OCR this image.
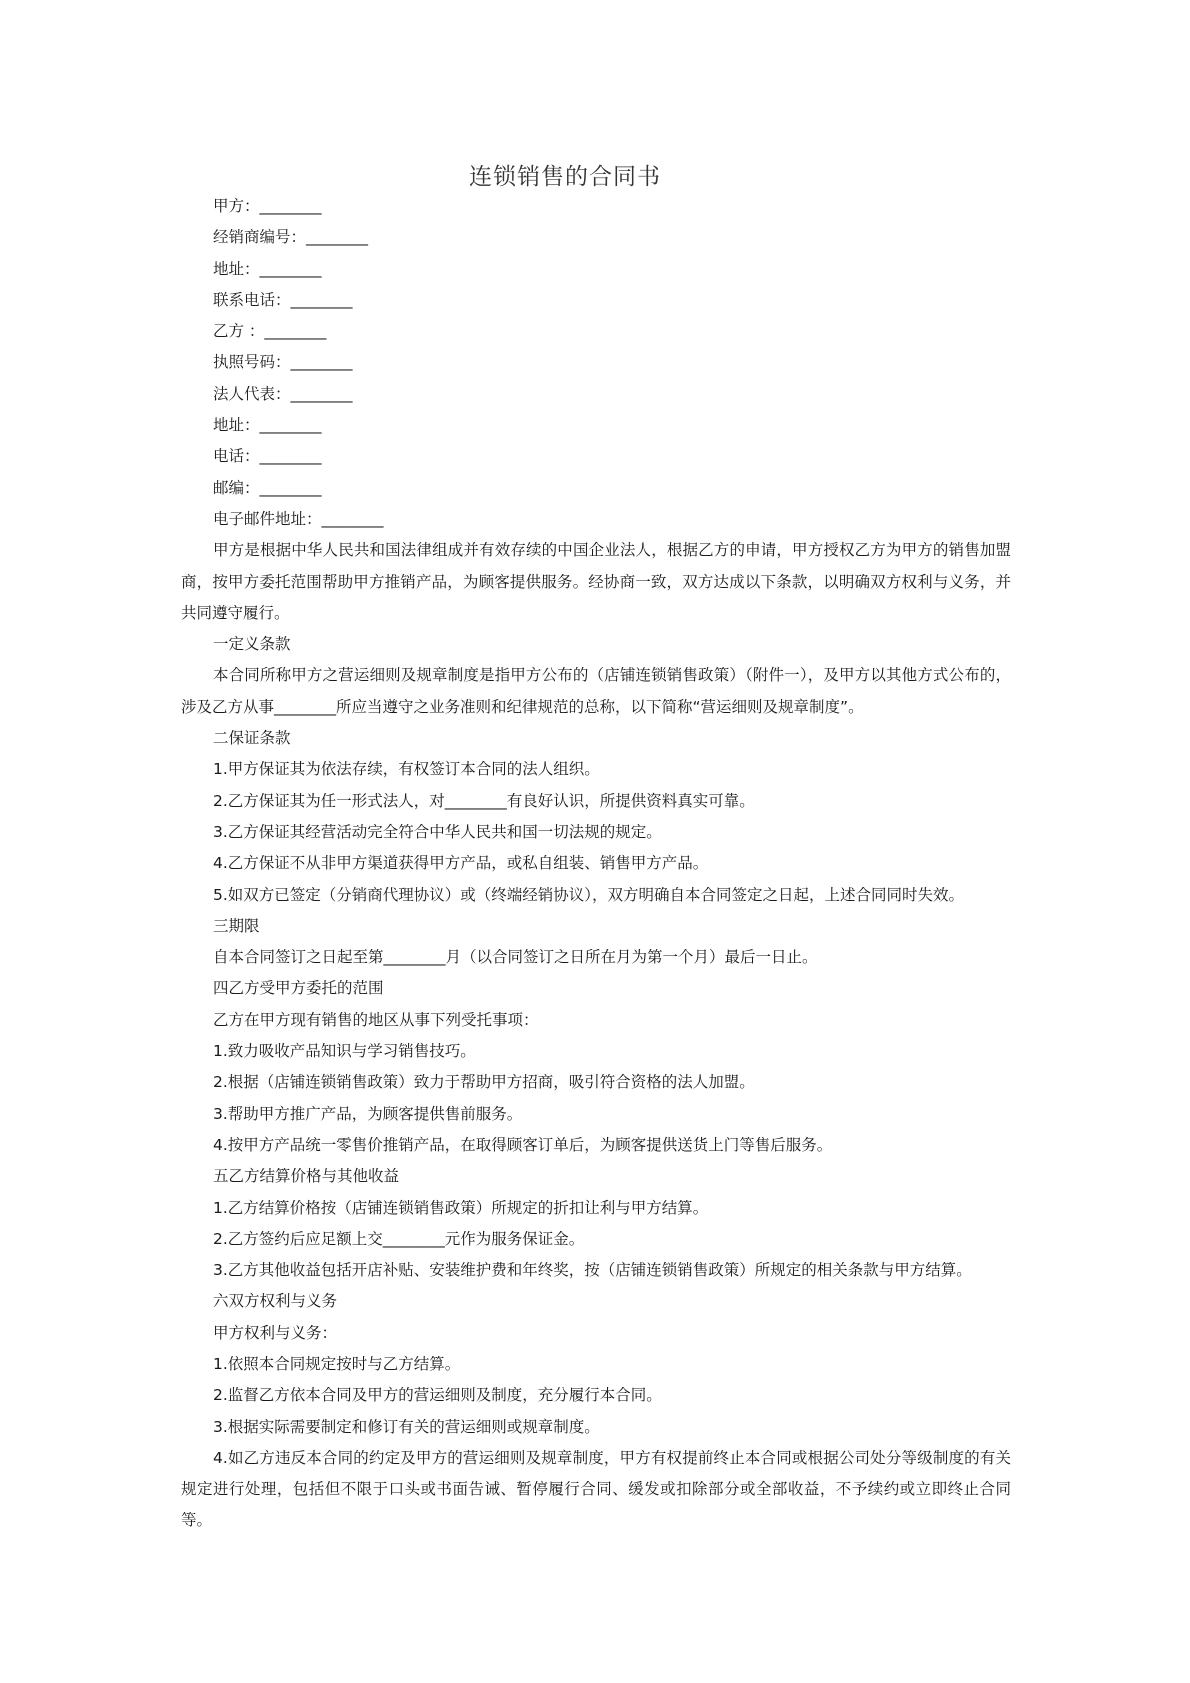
连锁销售的合同书

甲方：________

经销商编号：________

地址：________

联系电话：________

乙方 ：________

执照号码：________

法人代表：________

地址：________

电话：________

邮编：________

电子邮件地址：________

甲方是根据中华人民共和国法律组成并有效存续的中国企业法人，根据乙方的申请，甲方授权乙方为甲方的销售加盟商，按甲方委托范围帮助甲方推销产品，为顾客提供服务。经协商一致，双方达成以下条款，以明确双方权利与义务，并共同遵守履行。

一定义条款

本合同所称甲方之营运细则及规章制度是指甲方公布的（店铺连锁销售政策）（附件一），及甲方以其他方式公布的，涉及乙方从事________所应当遵守之业务准则和纪律规范的总称，以下简称“营运细则及规章制度”。

二保证条款

1.甲方保证其为依法存续，有权签订本合同的法人组织。

2.乙方保证其为任一形式法人，对________有良好认识，所提供资料真实可靠。

3.乙方保证其经营活动完全符合中华人民共和国一切法规的规定。

4.乙方保证不从非甲方渠道获得甲方产品，或私自组装、销售甲方产品。

5.如双方已签定（分销商代理协议）或（终端经销协议），双方明确自本合同签定之日起，上述合同同时失效。

三期限

自本合同签订之日起至第________月（以合同签订之日所在月为第一个月）最后一日止。

四乙方受甲方委托的范围

乙方在甲方现有销售的地区从事下列受托事项：

1.致力吸收产品知识与学习销售技巧。

2.根据（店铺连锁销售政策）致力于帮助甲方招商，吸引符合资格的法人加盟。

3.帮助甲方推广产品，为顾客提供售前服务。

4.按甲方产品统一零售价推销产品，在取得顾客订单后，为顾客提供送货上门等售后服务。

五乙方结算价格与其他收益

1.乙方结算价格按（店铺连锁销售政策）所规定的折扣让利与甲方结算。

2.乙方签约后应足额上交________元作为服务保证金。

3.乙方其他收益包括开店补贴、安装维护费和年终奖，按（店铺连锁销售政策）所规定的相关条款与甲方结算。

六双方权利与义务

甲方权利与义务：

1.依照本合同规定按时与乙方结算。

2.监督乙方依本合同及甲方的营运细则及制度，充分履行本合同。

3.根据实际需要制定和修订有关的营运细则或规章制度。

4.如乙方违反本合同的约定及甲方的营运细则及规章制度，甲方有权提前终止本合同或根据公司处分等级制度的有关规定进行处理，包括但不限于口头或书面告诫、暂停履行合同、缓发或扣除部分或全部收益，不予续约或立即终止合同等。
